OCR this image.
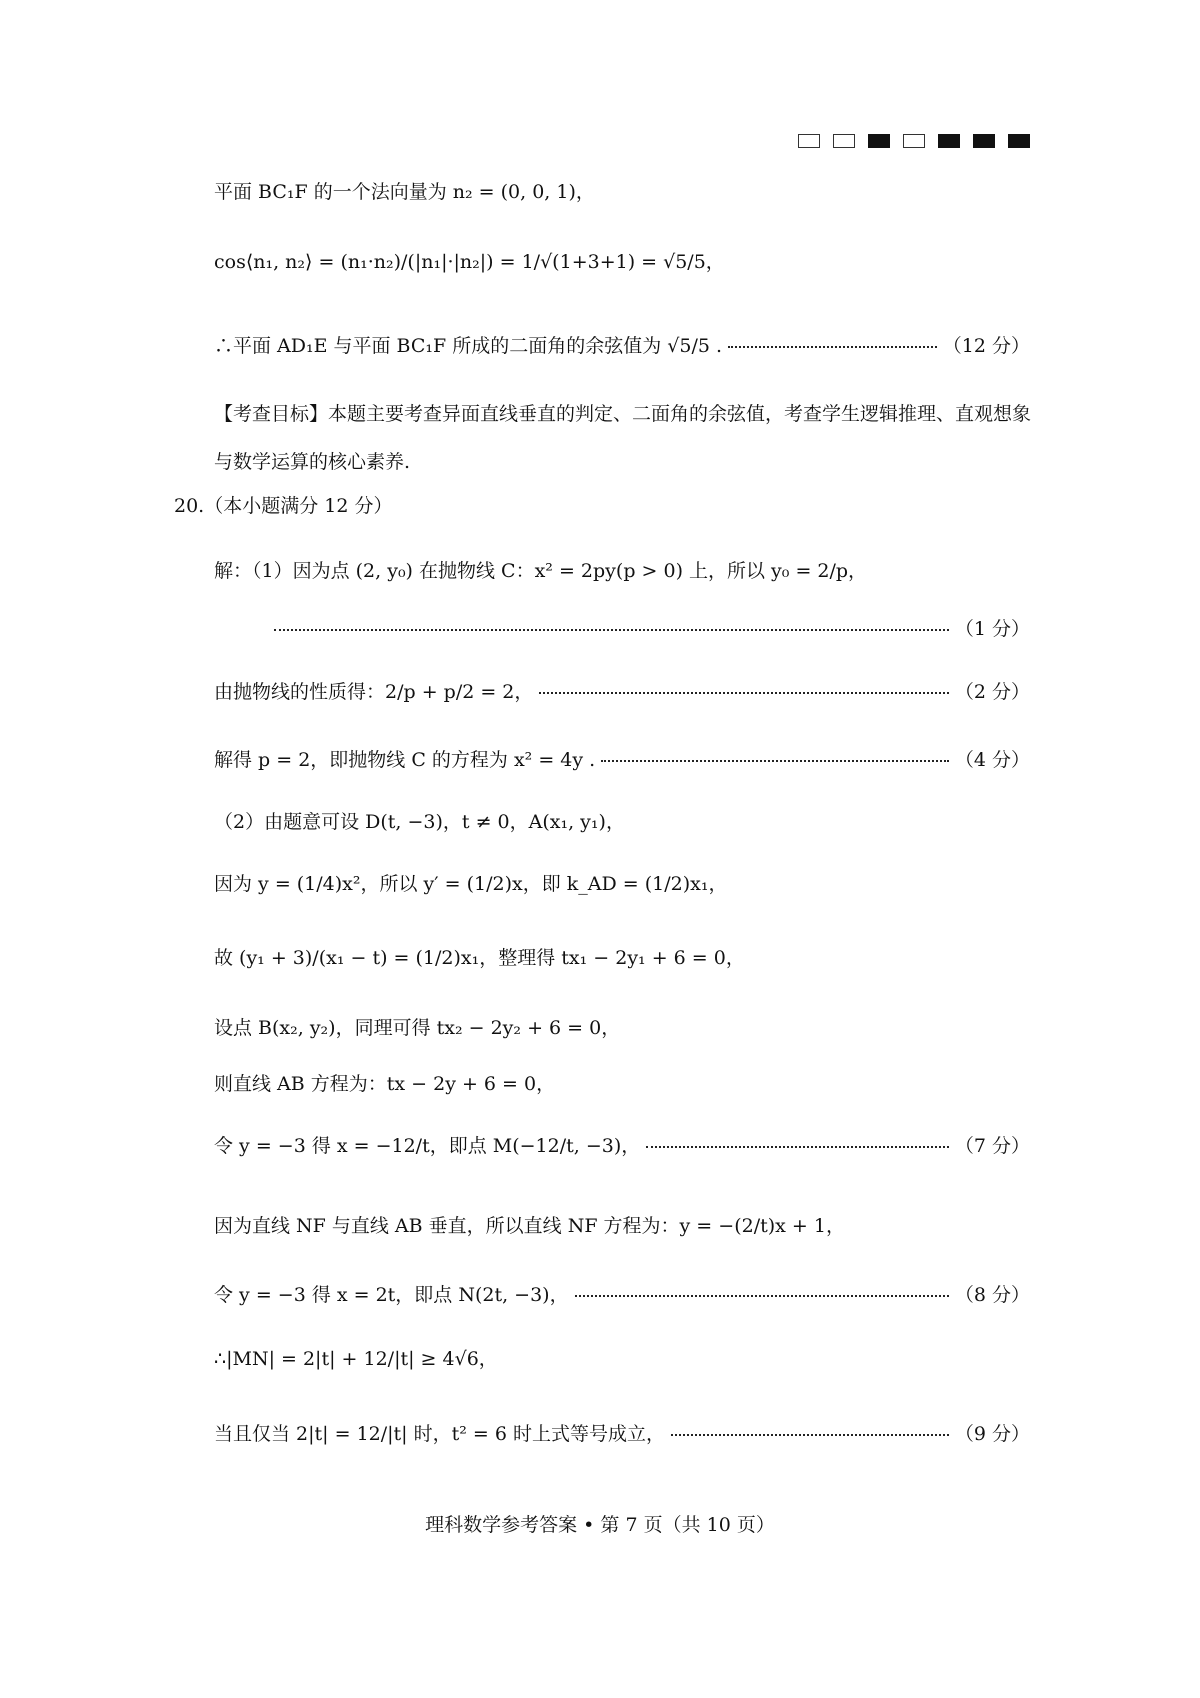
平面 BC₁F 的一个法向量为 n₂ = (0, 0, 1)，
cos⟨n₁, n₂⟩ = (n₁·n₂)/(|n₁|·|n₂|) = 1/√(1+3+1) = √5/5，
∴平面 AD₁E 与平面 BC₁F 所成的二面角的余弦值为 √5/5 .	（12 分）
【考查目标】本题主要考查异面直线垂直的判定、二面角的余弦值，考查学生逻辑推理、直观想象与数学运算的核心素养.
20.（本小题满分 12 分）
解：（1）因为点 (2, y₀) 在抛物线 C：x² = 2py(p > 0) 上，所以 y₀ = 2/p，
（1 分）
由抛物线的性质得：2/p + p/2 = 2，	（2 分）
解得 p = 2，即抛物线 C 的方程为 x² = 4y .	（4 分）
（2）由题意可设 D(t, −3)，t ≠ 0，A(x₁, y₁)，
因为 y = (1/4)x²，所以 y′ = (1/2)x，即 k_AD = (1/2)x₁，
故 (y₁ + 3)/(x₁ − t) = (1/2)x₁，整理得 tx₁ − 2y₁ + 6 = 0，
设点 B(x₂, y₂)，同理可得 tx₂ − 2y₂ + 6 = 0，
则直线 AB 方程为：tx − 2y + 6 = 0，
令 y = −3 得 x = −12/t，即点 M(−12/t, −3)，	（7 分）
因为直线 NF 与直线 AB 垂直，所以直线 NF 方程为：y = −(2/t)x + 1，
令 y = −3 得 x = 2t，即点 N(2t, −3)，	（8 分）
∴|MN| = 2|t| + 12/|t| ≥ 4√6，
当且仅当 2|t| = 12/|t| 时，t² = 6 时上式等号成立，	（9 分）
理科数学参考答案 • 第 7 页（共 10 页）
